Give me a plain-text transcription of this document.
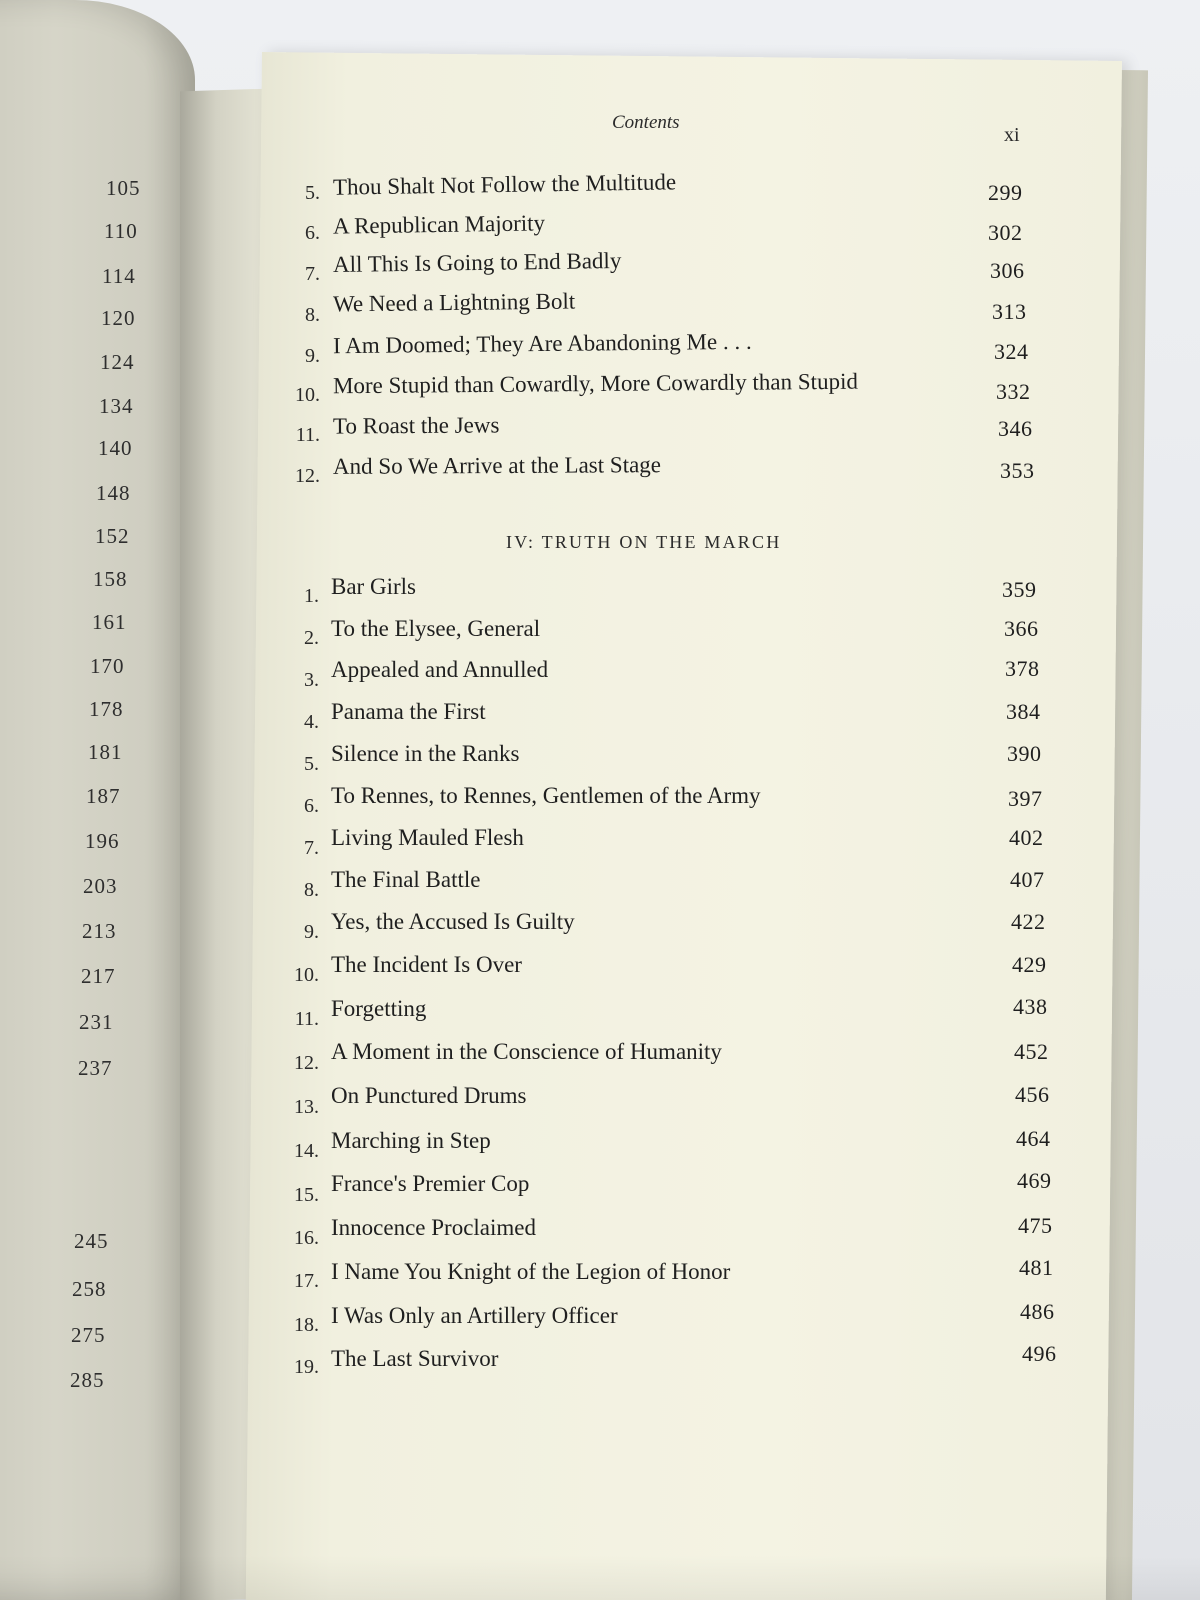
105
110
114
120
124
134
140
148
152
158
161
170
178
181
187
196
203
213
217
231
237
245
258
275
285
Contents
xi
5. Thou Shalt Not Follow the Multitude	299
6. A Republican Majority	302
7. All This Is Going to End Badly	306
8. We Need a Lightning Bolt	313
9. I Am Doomed; They Are Abandoning Me . . .	324
10. More Stupid than Cowardly, More Cowardly than Stupid	332
11. To Roast the Jews	346
12. And So We Arrive at the Last Stage	353
IV: TRUTH ON THE MARCH
1. Bar Girls	359
2. To the Elysee, General	366
3. Appealed and Annulled	378
4. Panama the First	384
5. Silence in the Ranks	390
6. To Rennes, to Rennes, Gentlemen of the Army	397
7. Living Mauled Flesh	402
8. The Final Battle	407
9. Yes, the Accused Is Guilty	422
10. The Incident Is Over	429
11. Forgetting	438
12. A Moment in the Conscience of Humanity	452
13. On Punctured Drums	456
14. Marching in Step	464
15. France's Premier Cop	469
16. Innocence Proclaimed	475
17. I Name You Knight of the Legion of Honor	481
18. I Was Only an Artillery Officer	486
19. The Last Survivor	496
